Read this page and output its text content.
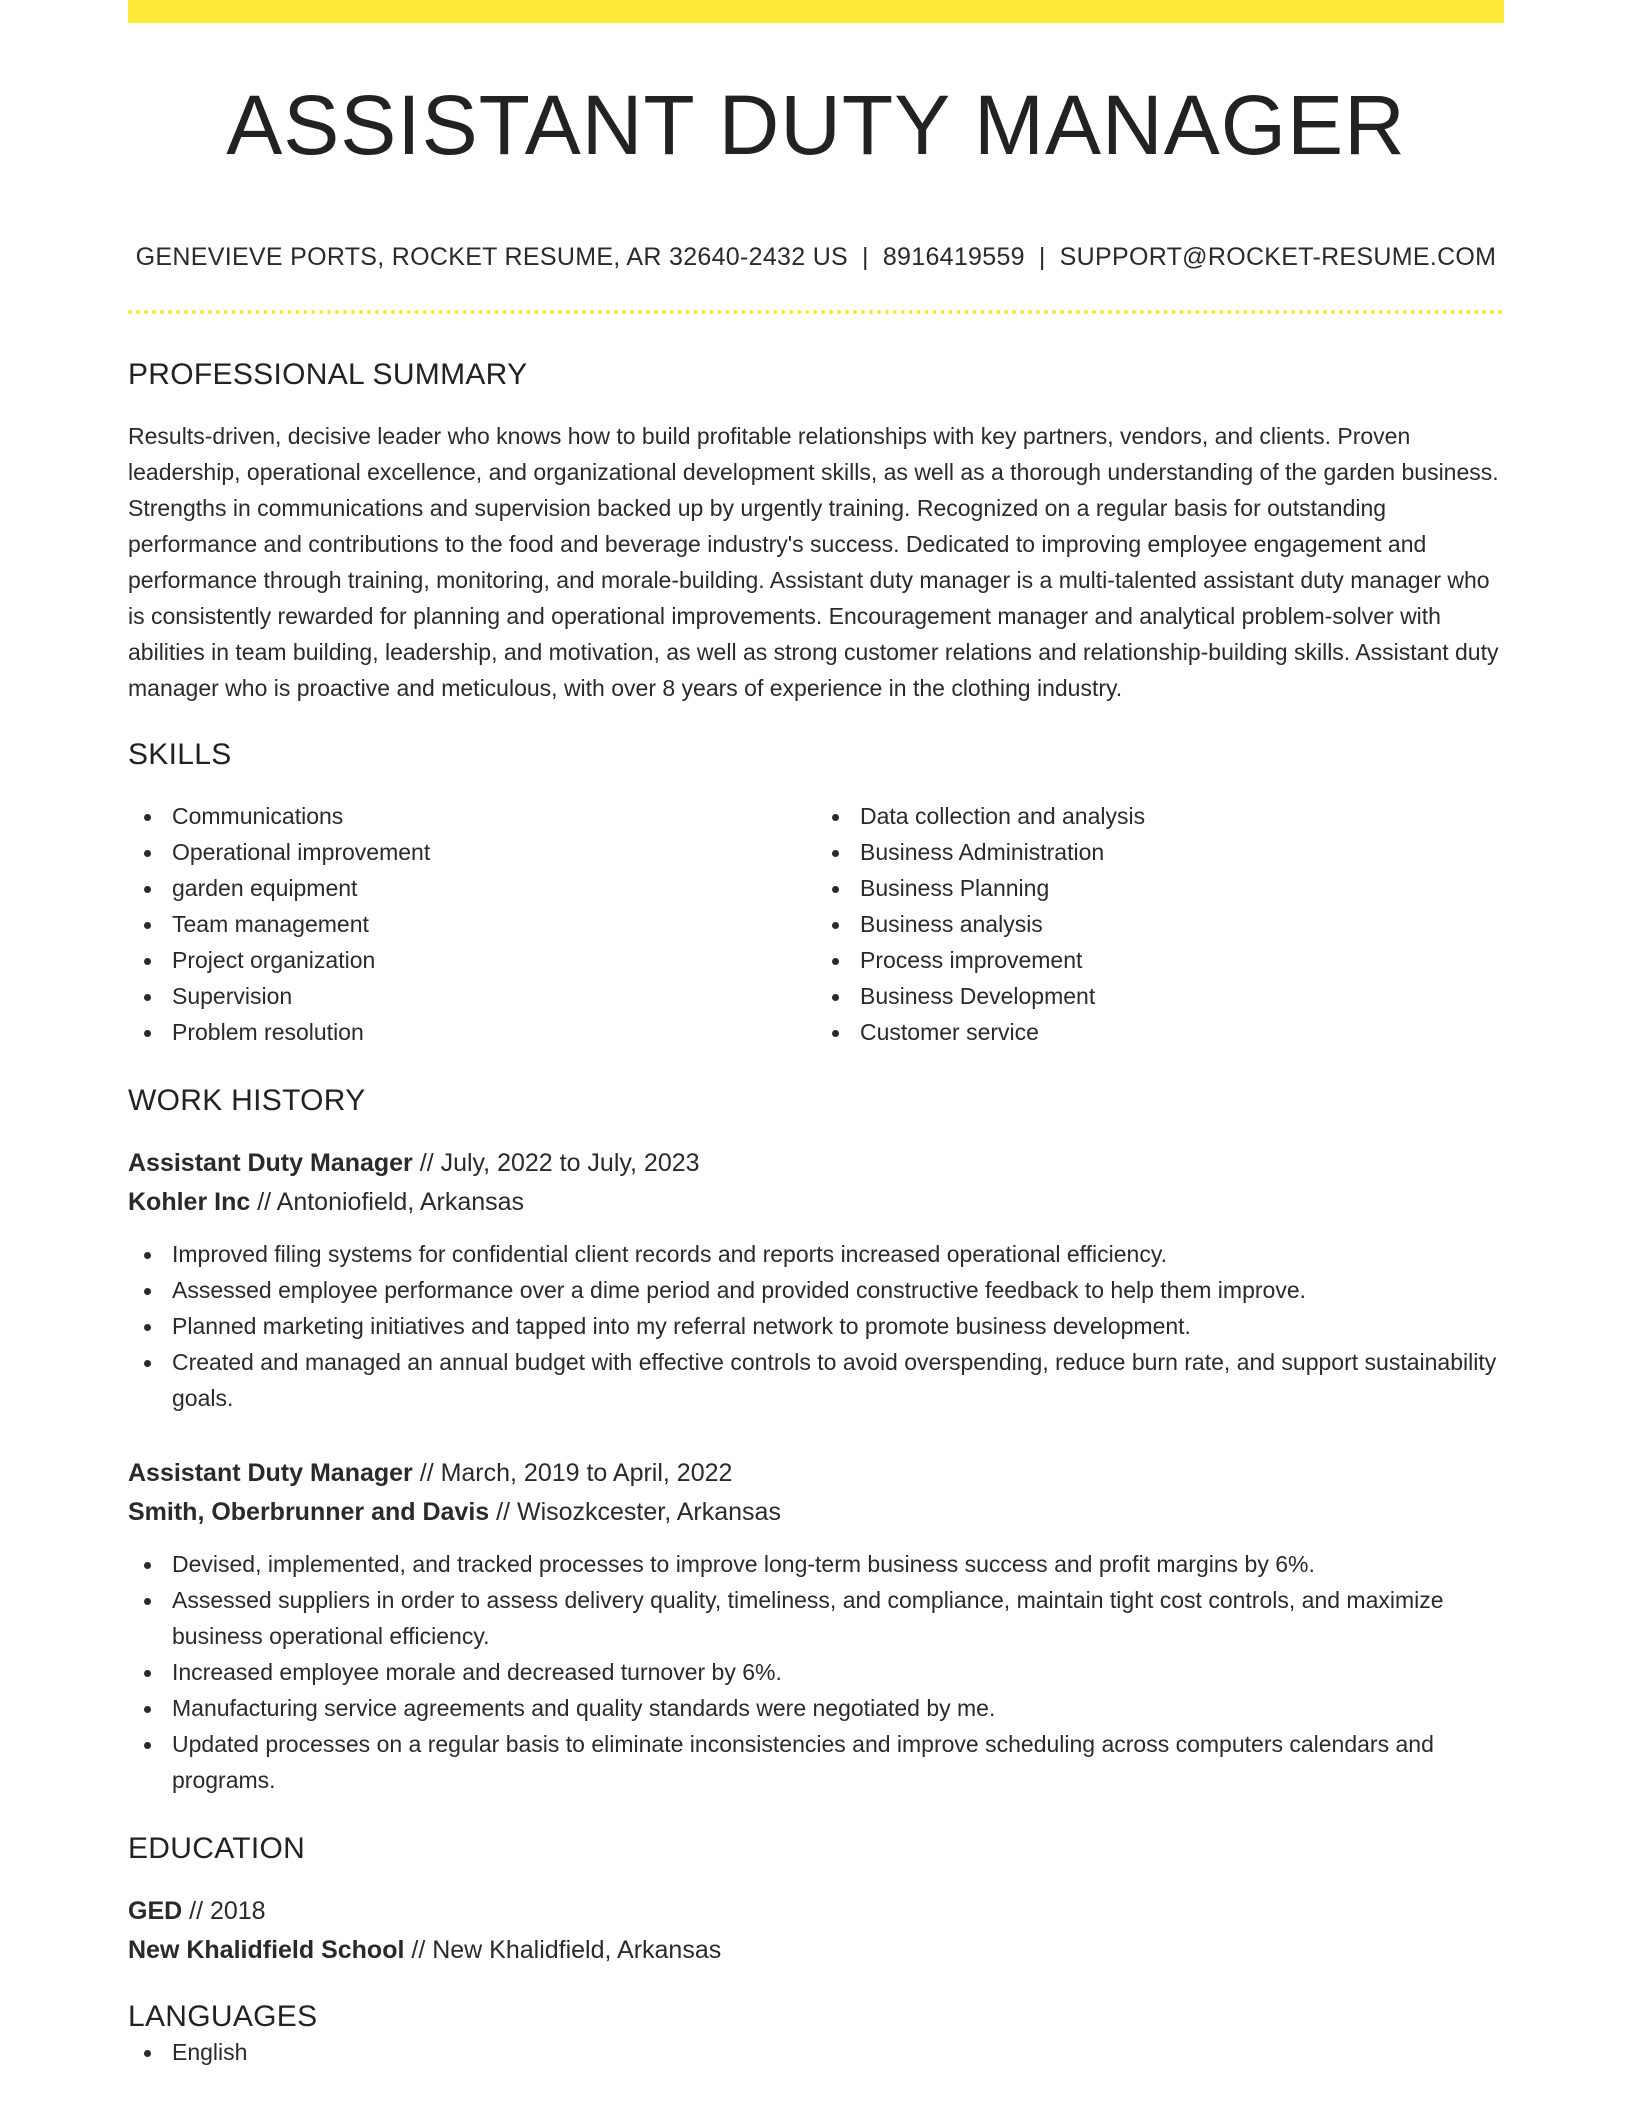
ASSISTANT DUTY MANAGER
GENEVIEVE PORTS, ROCKET RESUME, AR 32640-2432 US | 8916419559 | SUPPORT@ROCKET-RESUME.COM
PROFESSIONAL SUMMARY

Results-driven, decisive leader who knows how to build profitable relationships with key partners, vendors, and clients. Proven leadership, operational excellence, and organizational development skills, as well as a thorough understanding of the garden business. Strengths in communications and supervision backed up by urgently training. Recognized on a regular basis for outstanding performance and contributions to the food and beverage industry's success. Dedicated to improving employee engagement and performance through training, monitoring, and morale-building. Assistant duty manager is a multi-talented assistant duty manager who is consistently rewarded for planning and operational improvements. Encouragement manager and analytical problem-solver with abilities in team building, leadership, and motivation, as well as strong customer relations and relationship-building skills. Assistant duty manager who is proactive and meticulous, with over 8 years of experience in the clothing industry.

SKILLS
Communications
Operational improvement
garden equipment
Team management
Project organization
Supervision
Problem resolution
Data collection and analysis
Business Administration
Business Planning
Business analysis
Process improvement
Business Development
Customer service
WORK HISTORY
Assistant Duty Manager // July, 2022 to July, 2023
Kohler Inc // Antoniofield, Arkansas
Improved filing systems for confidential client records and reports increased operational efficiency.
Assessed employee performance over a dime period and provided constructive feedback to help them improve.
Planned marketing initiatives and tapped into my referral network to promote business development.
Created and managed an annual budget with effective controls to avoid overspending, reduce burn rate, and support sustainability goals.
Assistant Duty Manager // March, 2019 to April, 2022
Smith, Oberbrunner and Davis // Wisozkcester, Arkansas
Devised, implemented, and tracked processes to improve long-term business success and profit margins by 6%.
Assessed suppliers in order to assess delivery quality, timeliness, and compliance, maintain tight cost controls, and maximize business operational efficiency.
Increased employee morale and decreased turnover by 6%.
Manufacturing service agreements and quality standards were negotiated by me.
Updated processes on a regular basis to eliminate inconsistencies and improve scheduling across computers calendars and programs.
EDUCATION
GED // 2018
New Khalidfield School // New Khalidfield, Arkansas
LANGUAGES
English
